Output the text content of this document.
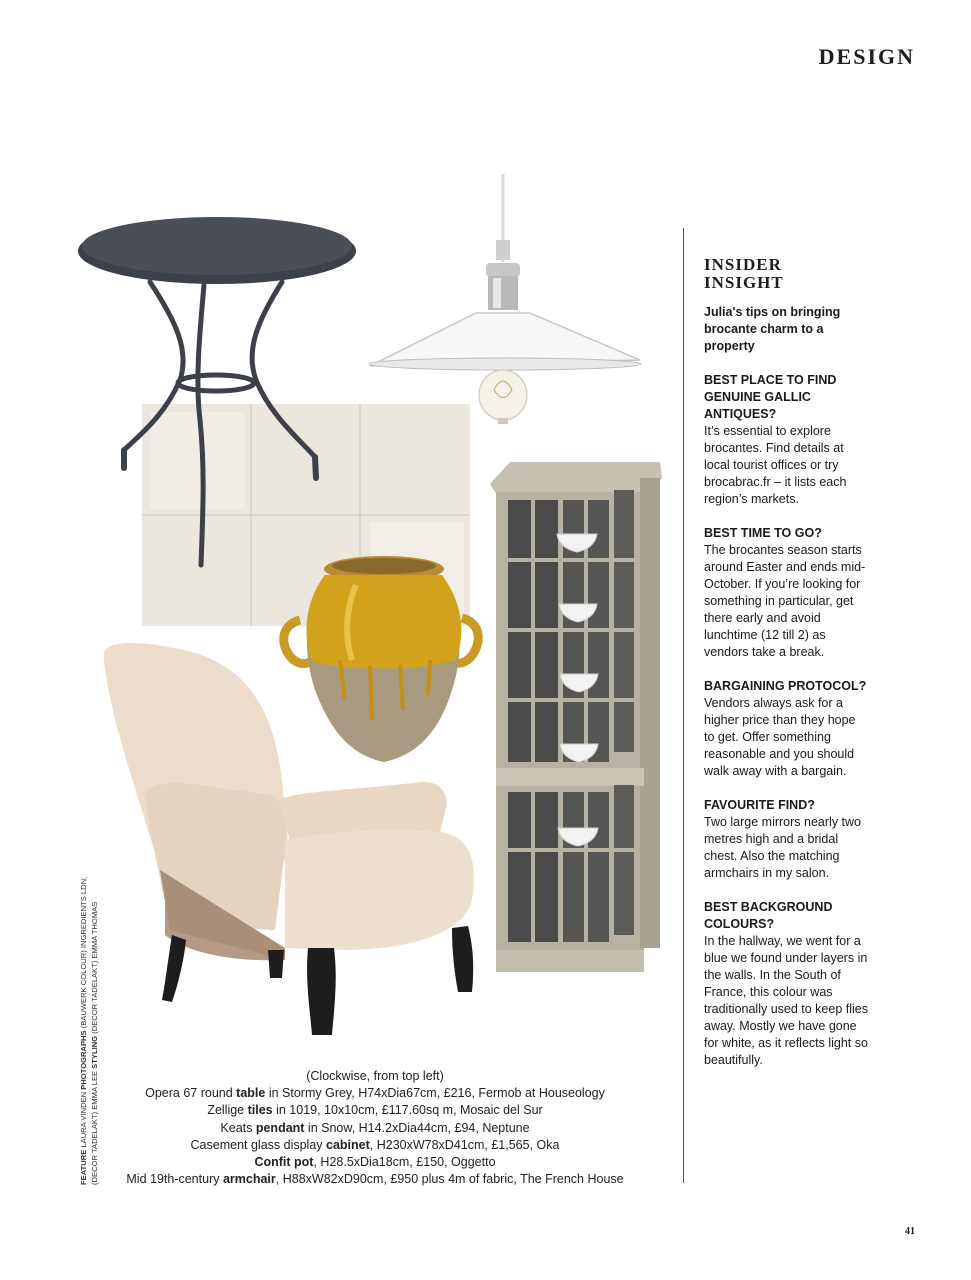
DESIGN
INSIDER
INSIGHT

Julia's tips on bringing brocante charm to a property

BEST PLACE TO FIND GENUINE GALLIC ANTIQUES?
It’s essential to explore brocantes. Find details at local tourist offices or try brocabrac.fr – it lists each region’s markets.
BEST TIME TO GO?
The brocantes season starts around Easter and ends mid-October. If you’re looking for something in particular, get there early and avoid lunchtime (12 till 2) as vendors take a break.
BARGAINING PROTOCOL?
Vendors always ask for a higher price than they hope to get. Offer something reasonable and you should walk away with a bargain.
FAVOURITE FIND?
Two large mirrors nearly two metres high and a bridal chest. Also the matching armchairs in my salon.
BEST BACKGROUND COLOURS?
In the hallway, we went for a blue we found under layers in the walls. In the South of France, this colour was traditionally used to keep flies away. Mostly we have gone for white, as it reflects light so beautifully.
FEATURE LAURA VINDEN PHOTOGRAPHS (BAUWERK COLOUR) INGREDIENTS LDN;
(DECOR TADELAKT) EMMA LEE STYLING (DECOR TADELAKT) EMMA THOMAS
(Clockwise, from top left)
Opera 67 round table in Stormy Grey, H74xDia67cm, £216, Fermob at Houseology
Zellige tiles in 1019, 10x10cm, £117.60sq m, Mosaic del Sur
Keats pendant in Snow, H14.2xDia44cm, £94, Neptune
Casement glass display cabinet, H230xW78xD41cm, £1,565, Oka
Confit pot, H28.5xDia18cm, £150, Oggetto
Mid 19th-century armchair, H88xW82xD90cm, £950 plus 4m of fabric, The French House
41
